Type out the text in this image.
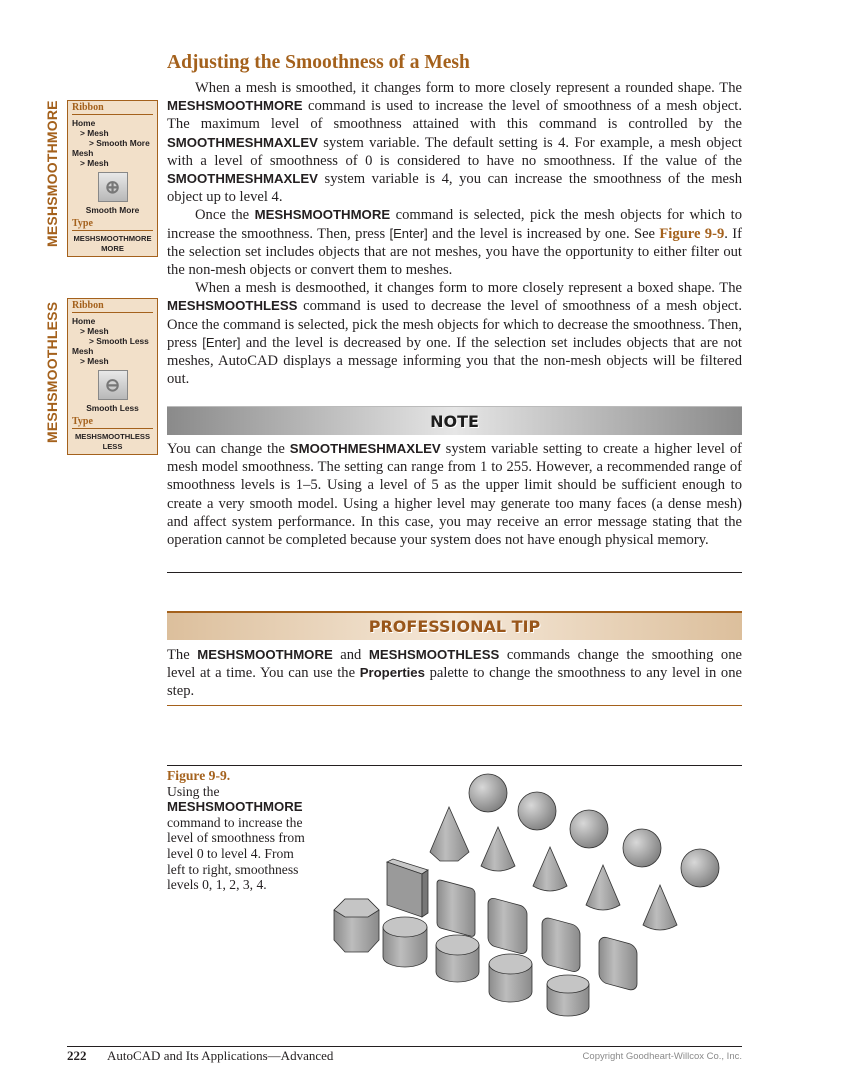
Adjusting the Smoothness of a Mesh

When a mesh is smoothed, it changes form to more closely represent a rounded shape. The MESHSMOOTHMORE command is used to increase the level of smoothness of a mesh object. The maximum level of smoothness attained with this command is controlled by the SMOOTHMESHMAXLEV system variable. The default setting is 4. For example, a mesh object with a level of smoothness of 0 is considered to have no smoothness. If the value of the SMOOTHMESHMAXLEV system variable is 4, you can increase the smoothness of the mesh object up to level 4.

Once the MESHSMOOTHMORE command is selected, pick the mesh objects for which to increase the smoothness. Then, press [Enter] and the level is increased by one. See Figure 9-9. If the selection set includes objects that are not meshes, you have the opportunity to either filter out the non-mesh objects or convert them to meshes.

When a mesh is desmoothed, it changes form to more closely represent a boxed shape. The MESHSMOOTHLESS command is used to decrease the level of smoothness of a mesh object. Once the command is selected, pick the mesh objects for which to decrease the smoothness. Then, press [Enter] and the level is decreased by one. If the selection set includes objects that are not meshes, AutoCAD displays a message informing you that the non-mesh objects will be filtered out.

MESHSMOOTHMORE	Ribbon
Home
> Mesh
> Smooth More
Mesh
> Mesh
⊕
Smooth More
Type
MESHSMOOTHMORE
MORE
MESHSMOOTHLESS	Ribbon
Home
> Mesh
> Smooth Less
Mesh
> Mesh
⊖
Smooth Less
Type
MESHSMOOTHLESS
LESS
NOTE

You can change the SMOOTHMESHMAXLEV system variable setting to create a higher level of mesh model smoothness. The setting can range from 1 to 255. However, a recommended range of smoothness levels is 1–5. Using a level of 5 as the upper limit should be sufficient enough to create a very smooth model. Using a higher level may generate too many faces (a dense mesh) and affect system performance. In this case, you may receive an error message stating that the operation cannot be completed because your system does not have enough physical memory.

PROFESSIONAL TIP

The MESHSMOOTHMORE and MESHSMOOTHLESS commands change the smoothing one level at a time. You can use the Properties palette to change the smoothness to any level in one step.

Figure 9-9.
Using the MESHSMOOTHMORE command to increase the level of smoothness from level 0 to level 4. From left to right, smoothness levels 0, 1, 2, 3, 4.
222	AutoCAD and Its Applications—Advanced	Copyright Goodheart-Willcox Co., Inc.
